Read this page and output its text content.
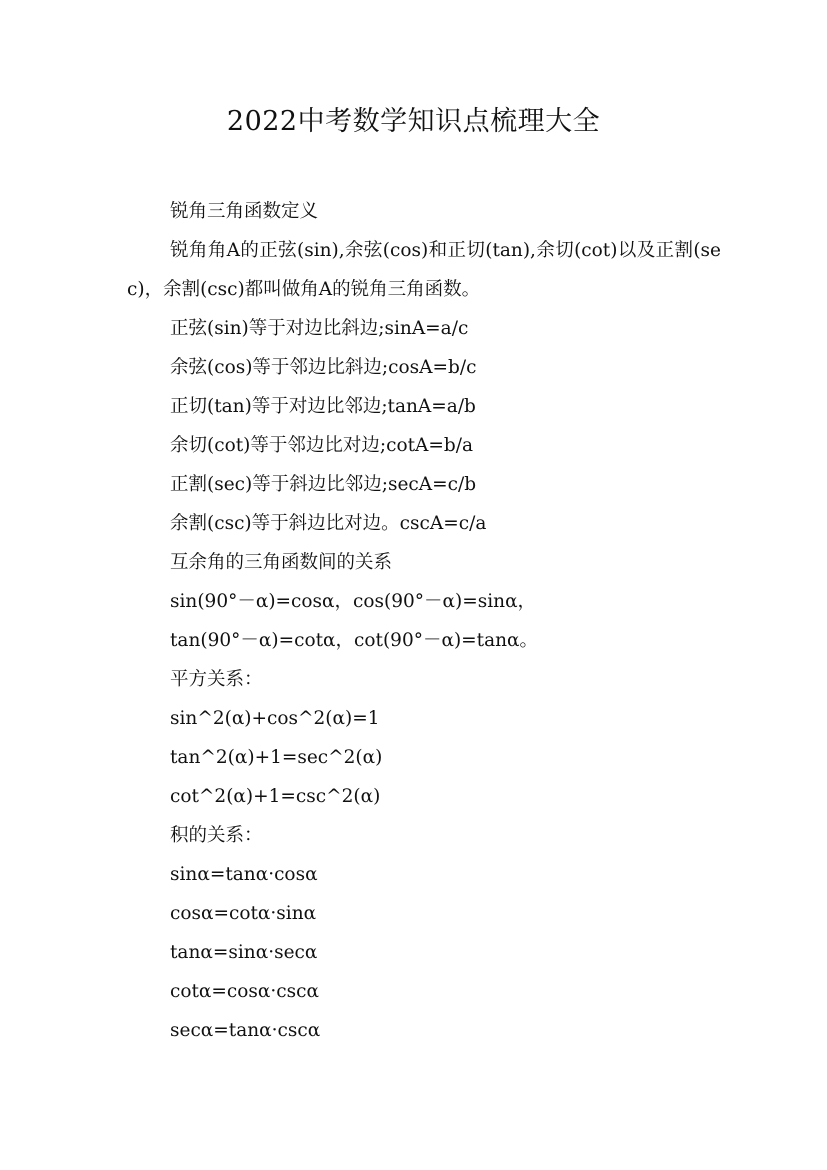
2022中考数学知识点梳理大全
锐角三角函数定义
锐角角A的正弦(sin),余弦(cos)和正切(tan),余切(cot)以及正割(sec)，余割(csc)都叫做角A的锐角三角函数。
正弦(sin)等于对边比斜边;sinA=a/c
余弦(cos)等于邻边比斜边;cosA=b/c
正切(tan)等于对边比邻边;tanA=a/b
余切(cot)等于邻边比对边;cotA=b/a
正割(sec)等于斜边比邻边;secA=c/b
余割(csc)等于斜边比对边。cscA=c/a
互余角的三角函数间的关系
sin(90°－α)=cosα，cos(90°－α)=sinα，
tan(90°－α)=cotα，cot(90°－α)=tanα。
平方关系：
sin^2(α)+cos^2(α)=1
tan^2(α)+1=sec^2(α)
cot^2(α)+1=csc^2(α)
积的关系：
sinα=tanα·cosα
cosα=cotα·sinα
tanα=sinα·secα
cotα=cosα·cscα
secα=tanα·cscα
